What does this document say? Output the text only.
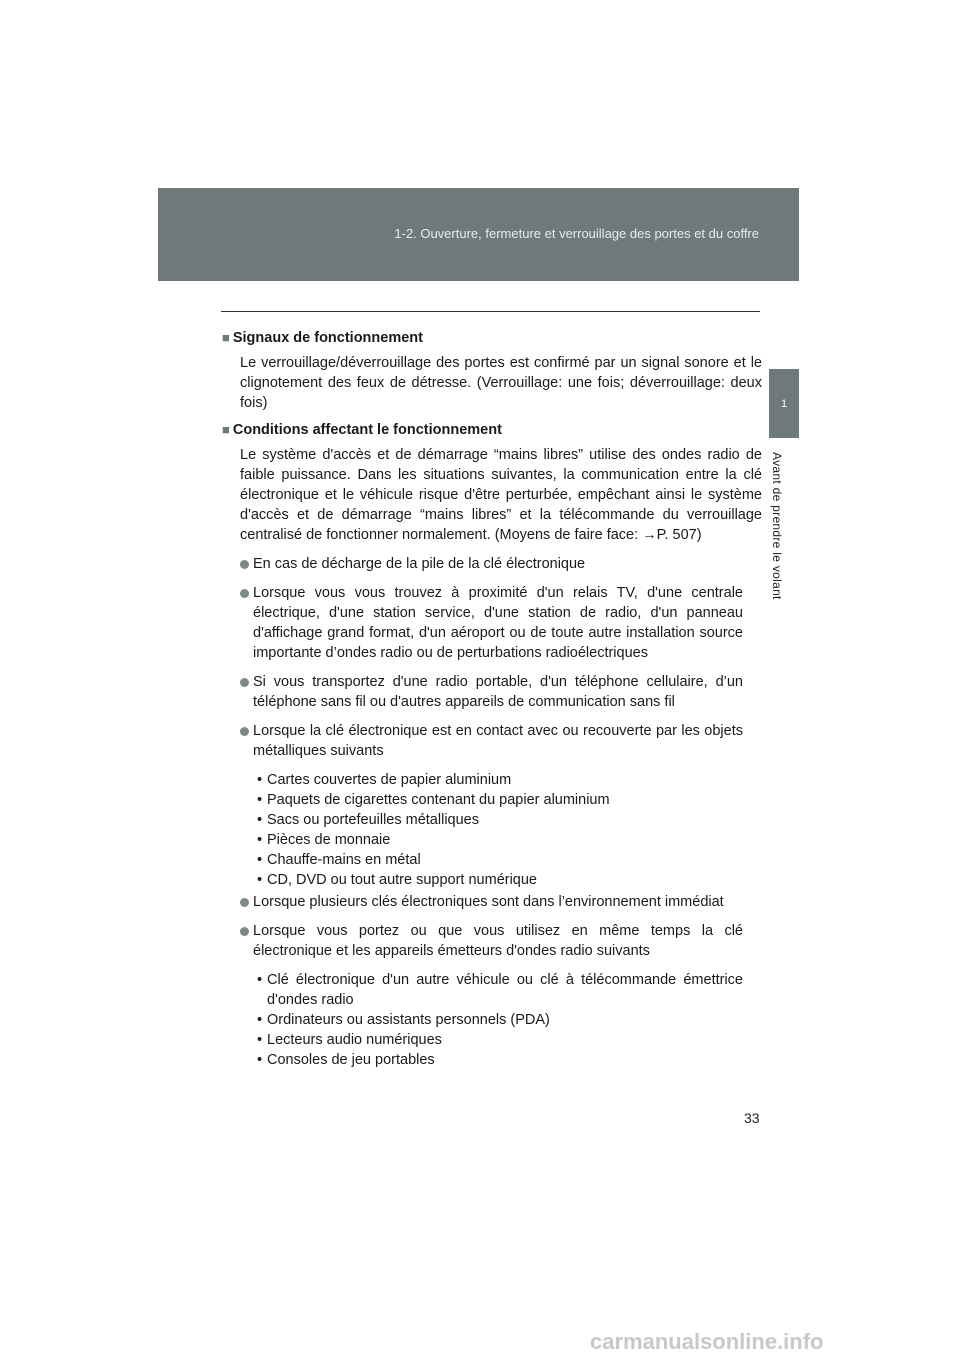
1-2. Ouverture, fermeture et verrouillage des portes et du coffre
1
Avant de prendre le volant
■ Signaux de fonctionnement
Le verrouillage/déverrouillage des portes est confirmé par un signal sonore et le clignotement des feux de détresse. (Verrouillage: une fois; déverrouillage: deux fois)
■ Conditions affectant le fonctionnement
Le système d'accès et de démarrage “mains libres” utilise des ondes radio de faible puissance. Dans les situations suivantes, la communication entre la clé électronique et le véhicule risque d'être perturbée, empêchant ainsi le système d'accès et de démarrage “mains libres” et la télécommande du verrouillage centralisé de fonctionner normalement. (Moyens de faire face: →P. 507)
En cas de décharge de la pile de la clé électronique
Lorsque vous vous trouvez à proximité d'un relais TV, d'une centrale électrique, d'une station service, d'une station de radio, d'un panneau d'affichage grand format, d'un aéroport ou de toute autre installation source importante d’ondes radio ou de perturbations radioélectriques
Si vous transportez d'une radio portable, d'un téléphone cellulaire, d’un téléphone sans fil ou d'autres appareils de communication sans fil
Lorsque la clé électronique est en contact avec ou recouverte par les objets métalliques suivants
• Cartes couvertes de papier aluminium
• Paquets de cigarettes contenant du papier aluminium
• Sacs ou portefeuilles métalliques
• Pièces de monnaie
• Chauffe-mains en métal
• CD, DVD ou tout autre support numérique
Lorsque plusieurs clés électroniques sont dans l’environnement immédiat
Lorsque vous portez ou que vous utilisez en même temps la clé électronique et les appareils émetteurs d'ondes radio suivants
• Clé électronique d'un autre véhicule ou clé à télécommande émettrice d'ondes radio
• Ordinateurs ou assistants personnels (PDA)
• Lecteurs audio numériques
• Consoles de jeu portables
33
carmanualsonline.info
